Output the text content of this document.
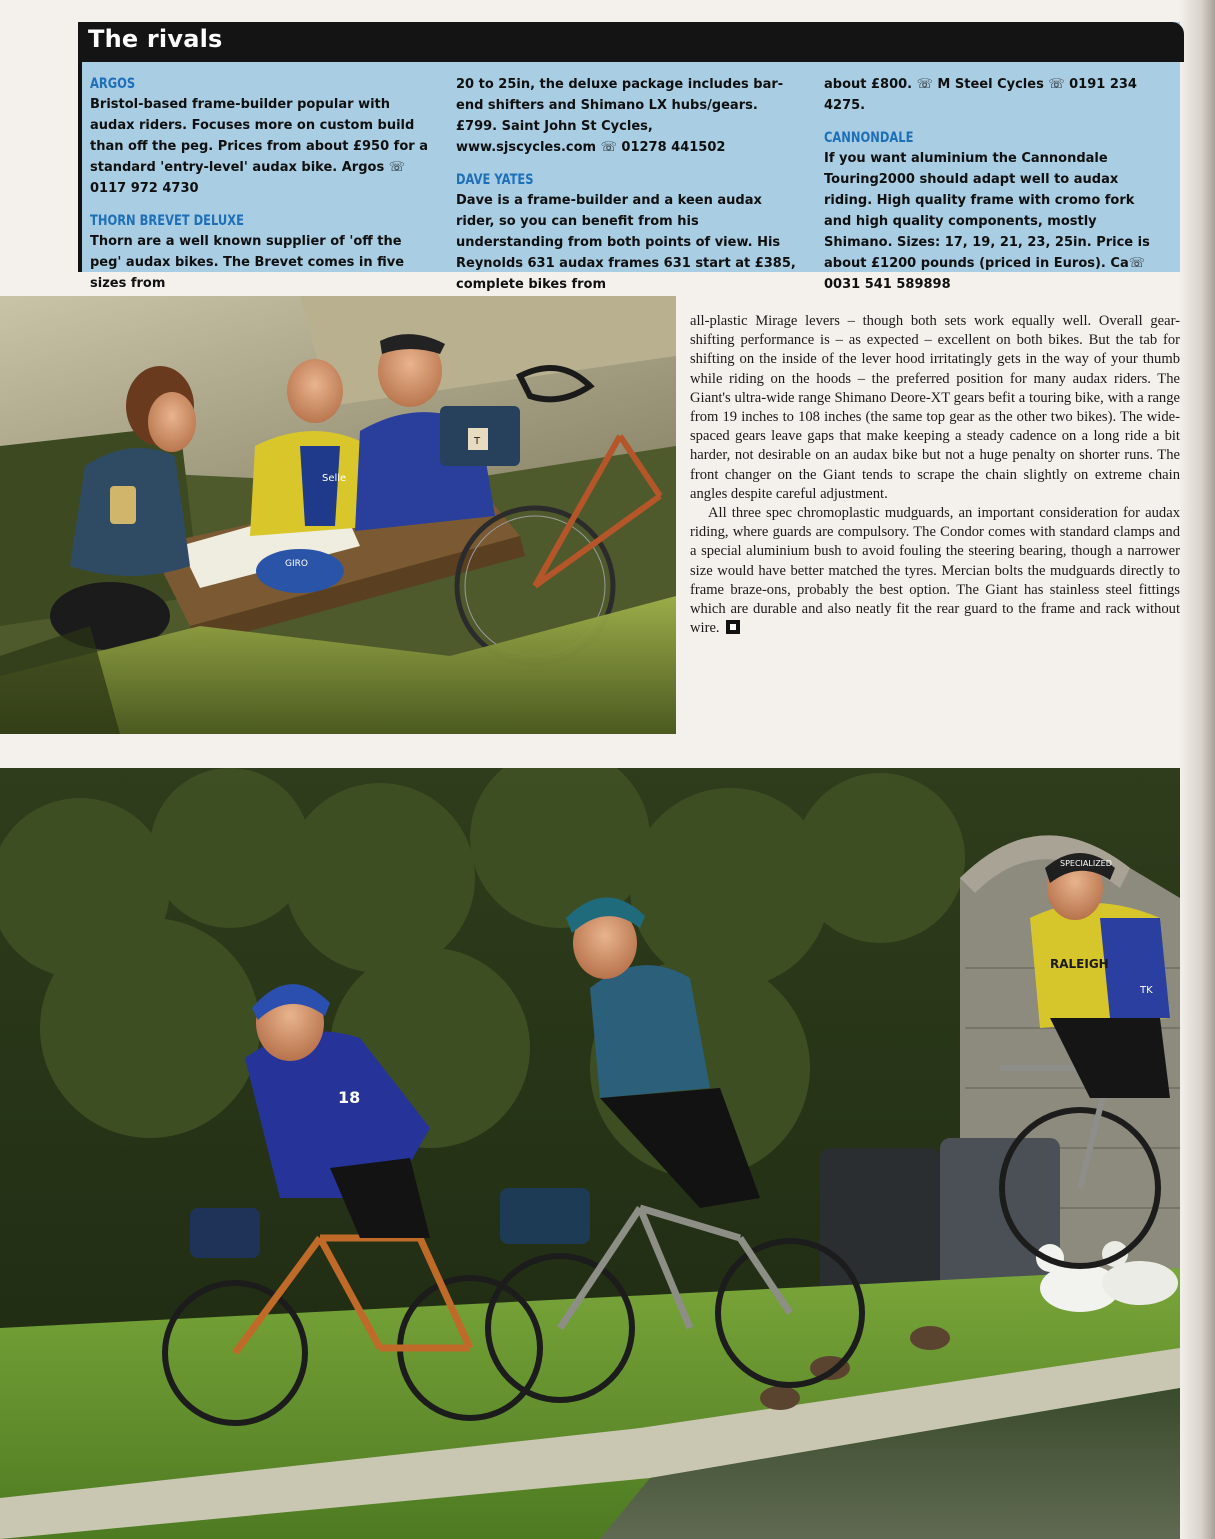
The rivals
ARGOS
Bristol-based frame-builder popular with audax riders. Focuses more on custom build than off the peg. Prices from about £950 for a standard 'entry-level' audax bike. Argos ☏ 0117 972 4730
THORN BREVET DELUXE
Thorn are a well known supplier of 'off the peg' audax bikes. The Brevet comes in five sizes from
20 to 25in, the deluxe package includes bar-end shifters and Shimano LX hubs/gears. £799. Saint John St Cycles, www.sjscycles.com ☏ 01278 441502
DAVE YATES
Dave is a frame-builder and a keen audax rider, so you can benefit from his understanding from both points of view. His Reynolds 631 audax frames 631 start at £385, complete bikes from
about £800. ☏ M Steel Cycles ☏ 0191 234 4275.
CANNONDALE
If you want aluminium the Cannondale Touring2000 should adapt well to audax riding. High quality frame with cromo fork and high quality components, mostly Shimano. Sizes: 17, 19, 21, 23, 25in. Price is about £1200 pounds (priced in Euros). Ca☏ 0031 541 589898
Selle
GIRO
T

all-plastic Mirage levers – though both sets work equally well. Overall gear-shifting performance is – as expected – excellent on both bikes. But the tab for shifting on the inside of the lever hood irritatingly gets in the way of your thumb while riding on the hoods – the preferred position for many audax riders. The Giant's ultra-wide range Shimano Deore-XT gears befit a touring bike, with a range from 19 inches to 108 inches (the same top gear as the other two bikes). The wide-spaced gears leave gaps that make keeping a steady cadence on a long ride a bit harder, not desirable on an audax bike but not a huge penalty on shorter runs. The front changer on the Giant tends to scrape the chain slightly on extreme chain angles despite careful adjustment.

All three spec chromoplastic mudguards, an important consideration for audax riding, where guards are compulsory. The Condor comes with standard clamps and a special aluminium bush to avoid fouling the steering bearing, though a narrower size would have better matched the tyres. Mercian bolts the mudguards directly to frame braze-ons, probably the best option. The Giant has stainless steel fittings which are durable and also neatly fit the rear guard to the frame and rack without wire.

18
RALEIGH
TK
SPECIALIZED
